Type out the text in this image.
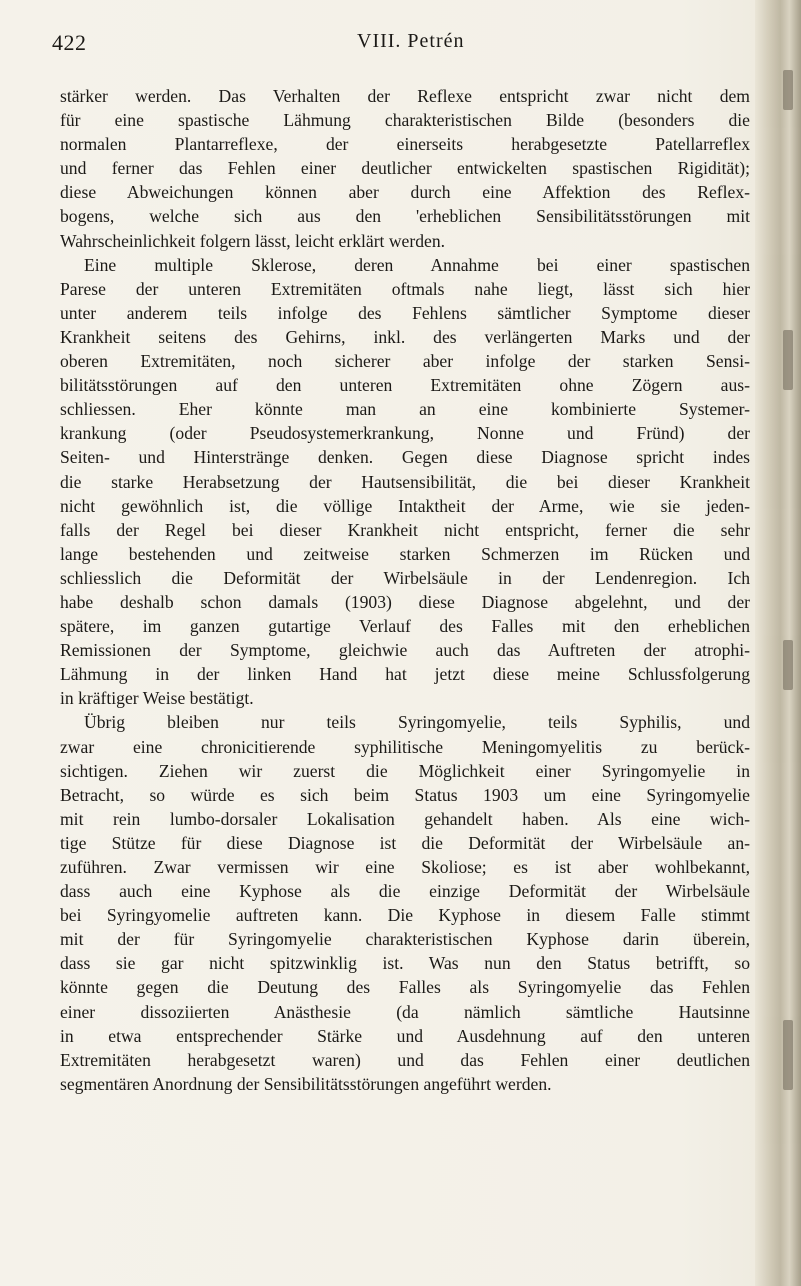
422	VIII. Petrén
stärker werden. Das Verhalten der Reflexe entspricht zwar nicht dem
für eine spastische Lähmung charakteristischen Bilde (besonders die
normalen Plantarreflexe, der einerseits herabgesetzte Patellarreflex
und ferner das Fehlen einer deutlicher entwickelten spastischen Rigidität);
diese Abweichungen können aber durch eine Affektion des Reflex-
bogens, welche sich aus den 'erheblichen Sensibilitätsstörungen mit
Wahrscheinlichkeit folgern lässt, leicht erklärt werden.
Eine multiple Sklerose, deren Annahme bei einer spastischen
Parese der unteren Extremitäten oftmals nahe liegt, lässt sich hier
unter anderem teils infolge des Fehlens sämtlicher Symptome dieser
Krankheit seitens des Gehirns, inkl. des verlängerten Marks und der
oberen Extremitäten, noch sicherer aber infolge der starken Sensi-
bilitätsstörungen auf den unteren Extremitäten ohne Zögern aus-
schliessen. Eher könnte man an eine kombinierte Systemer-
krankung (oder Pseudosystemerkrankung, Nonne und Fründ) der
Seiten- und Hinterstränge denken. Gegen diese Diagnose spricht indes
die starke Herabsetzung der Hautsensibilität, die bei dieser Krankheit
nicht gewöhnlich ist, die völlige Intaktheit der Arme, wie sie jeden-
falls der Regel bei dieser Krankheit nicht entspricht, ferner die sehr
lange bestehenden und zeitweise starken Schmerzen im Rücken und
schliesslich die Deformität der Wirbelsäule in der Lendenregion. Ich
habe deshalb schon damals (1903) diese Diagnose abgelehnt, und der
spätere, im ganzen gutartige Verlauf des Falles mit den erheblichen
Remissionen der Symptome, gleichwie auch das Auftreten der atrophi-
Lähmung in der linken Hand hat jetzt diese meine Schlussfolgerung
in kräftiger Weise bestätigt.
Übrig bleiben nur teils Syringomyelie, teils Syphilis, und
zwar eine chronicitierende syphilitische Meningomyelitis zu berück-
sichtigen. Ziehen wir zuerst die Möglichkeit einer Syringomyelie in
Betracht, so würde es sich beim Status 1903 um eine Syringomyelie
mit rein lumbo-dorsaler Lokalisation gehandelt haben. Als eine wich-
tige Stütze für diese Diagnose ist die Deformität der Wirbelsäule an-
zuführen. Zwar vermissen wir eine Skoliose; es ist aber wohlbekannt,
dass auch eine Kyphose als die einzige Deformität der Wirbelsäule
bei Syringyomelie auftreten kann. Die Kyphose in diesem Falle stimmt
mit der für Syringomyelie charakteristischen Kyphose darin überein,
dass sie gar nicht spitzwinklig ist. Was nun den Status betrifft, so
könnte gegen die Deutung des Falles als Syringomyelie das Fehlen
einer dissoziierten Anästhesie (da nämlich sämtliche Hautsinne
in etwa entsprechender Stärke und Ausdehnung auf den unteren
Extremitäten herabgesetzt waren) und das Fehlen einer deutlichen
segmentären Anordnung der Sensibilitätsstörungen angeführt werden.
